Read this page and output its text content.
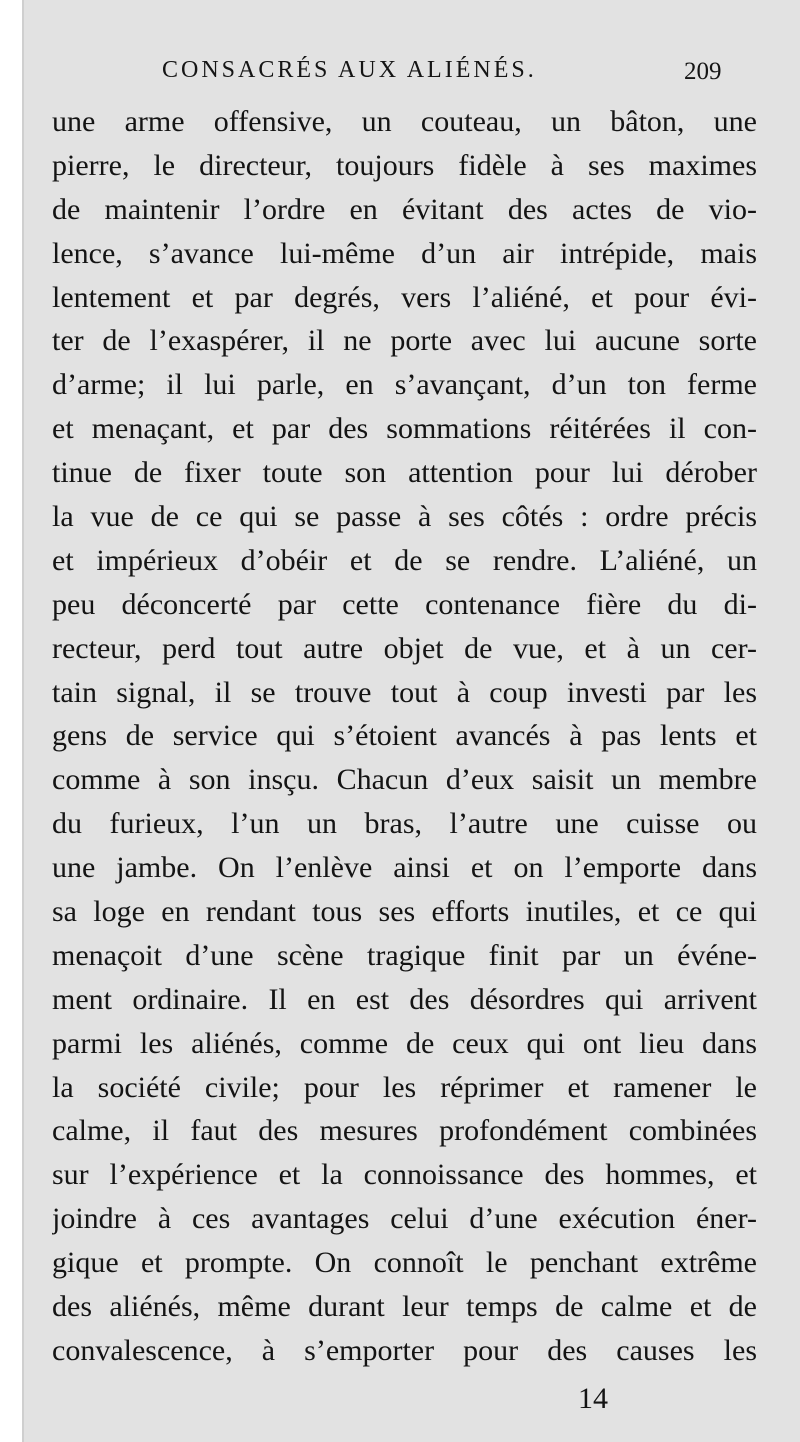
CONSACRÉS AUX ALIÉNÉS.	209
une arme offensive, un couteau, un bâton, une
pierre, le directeur, toujours fidèle à ses maximes
de maintenir l’ordre en évitant des actes de vio-
lence, s’avance lui-même d’un air intrépide, mais
lentement et par degrés, vers l’aliéné, et pour évi-
ter de l’exaspérer, il ne porte avec lui aucune sorte
d’arme; il lui parle, en s’avançant, d’un ton ferme
et menaçant, et par des sommations réitérées il con-
tinue de fixer toute son attention pour lui dérober
la vue de ce qui se passe à ses côtés : ordre précis
et impérieux d’obéir et de se rendre. L’aliéné, un
peu déconcerté par cette contenance fière du di-
recteur, perd tout autre objet de vue, et à un cer-
tain signal, il se trouve tout à coup investi par les
gens de service qui s’étoient avancés à pas lents et
comme à son insçu. Chacun d’eux saisit un membre
du furieux, l’un un bras, l’autre une cuisse ou
une jambe. On l’enlève ainsi et on l’emporte dans
sa loge en rendant tous ses efforts inutiles, et ce qui
menaçoit d’une scène tragique finit par un événe-
ment ordinaire. Il en est des désordres qui arrivent
parmi les aliénés, comme de ceux qui ont lieu dans
la société civile; pour les réprimer et ramener le
calme, il faut des mesures profondément combinées
sur l’expérience et la connoissance des hommes, et
joindre à ces avantages celui d’une exécution éner-
gique et prompte. On connoît le penchant extrême
des aliénés, même durant leur temps de calme et de
convalescence, à s’emporter pour des causes les
14
